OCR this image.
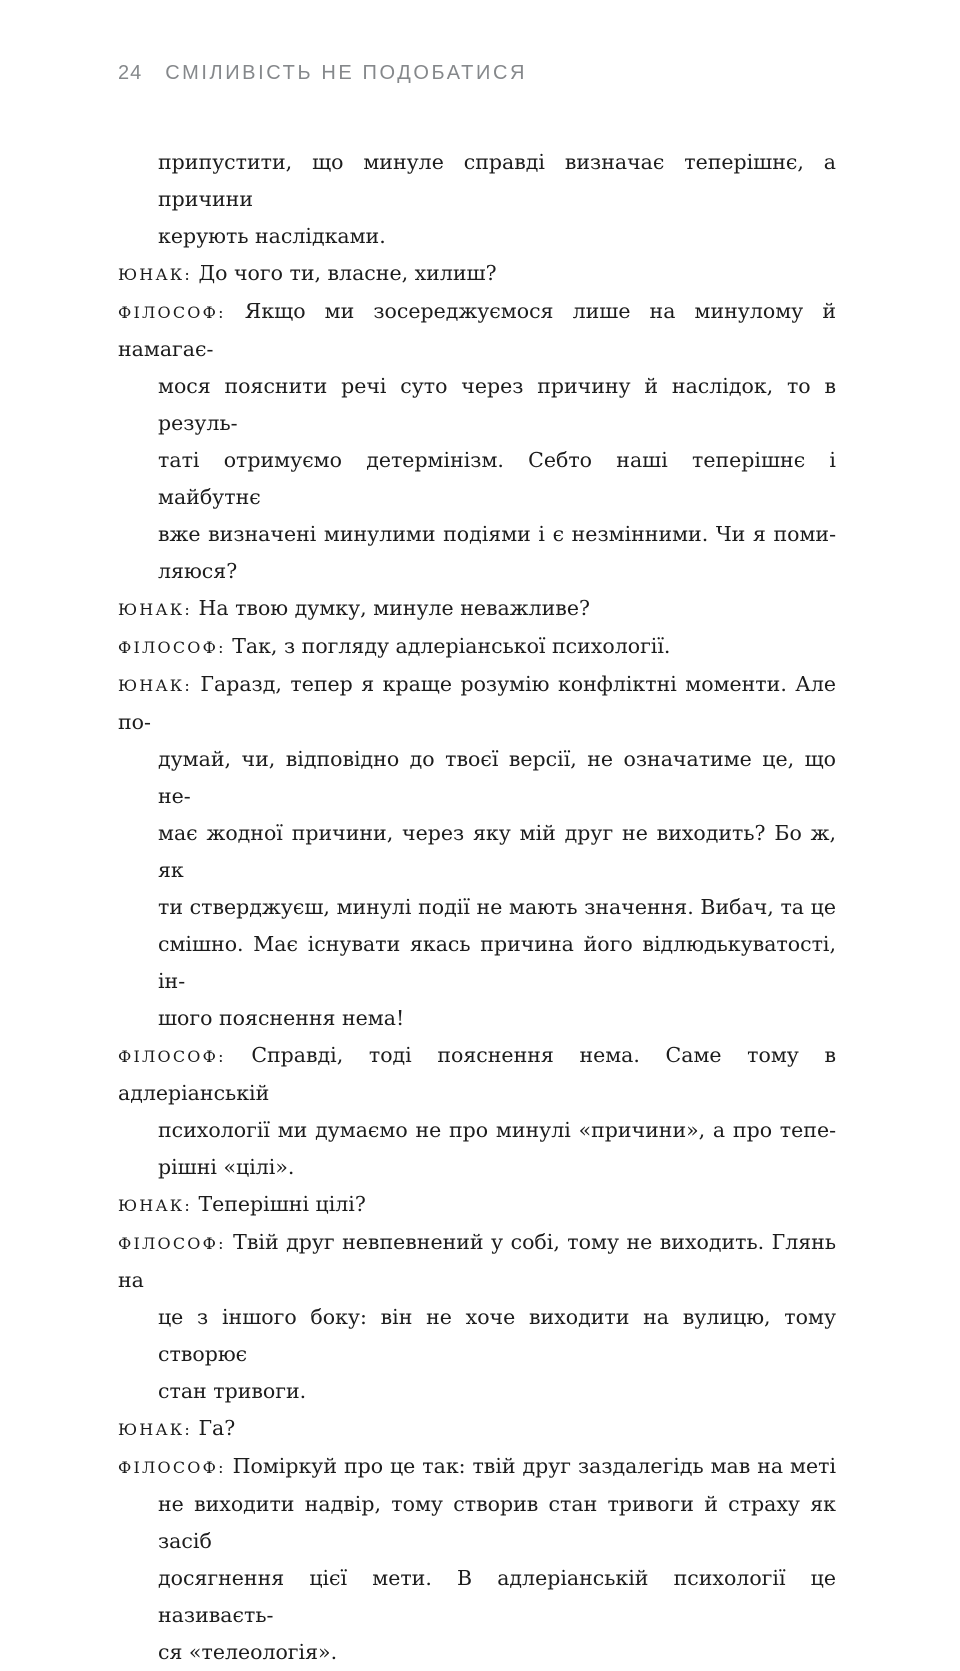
24 СМІЛИВІСТЬ НЕ ПОДОБАТИСЯ
припустити, що минуле справді визначає теперішнє, а причини
керують наслідками.
ЮНАК: До чого ти, власне, хилиш?
ФІЛОСОФ: Якщо ми зосереджуємося лише на минулому й намагає-
мося пояснити речі суто через причину й наслідок, то в резуль-
таті отримуємо детермінізм. Себто наші теперішнє і майбутнє
вже визначені минулими подіями і є незмінними. Чи я поми-
ляюся?
ЮНАК: На твою думку, минуле неважливе?
ФІЛОСОФ: Так, з погляду адлеріанської психології.
ЮНАК: Гаразд, тепер я краще розумію конфліктні моменти. Але по-
думай, чи, відповідно до твоєї версії, не означатиме це, що не-
має жодної причини, через яку мій друг не виходить? Бо ж, як
ти стверджуєш, минулі події не мають значення. Вибач, та це
смішно. Має існувати якась причина його відлюдькуватості, ін-
шого пояснення нема!
ФІЛОСОФ: Справді, тоді пояснення нема. Саме тому в адлеріанській
психології ми думаємо не про минулі «причини», а про тепе-
рішні «цілі».
ЮНАК: Теперішні цілі?
ФІЛОСОФ: Твій друг невпевнений у собі, тому не виходить. Глянь на
це з іншого боку: він не хоче виходити на вулицю, тому створює
стан тривоги.
ЮНАК: Га?
ФІЛОСОФ: Поміркуй про це так: твій друг заздалегідь мав на меті
не виходити надвір, тому створив стан тривоги й страху як засіб
досягнення цієї мети. В адлеріанській психології це називаєть-
ся «телеологія».
